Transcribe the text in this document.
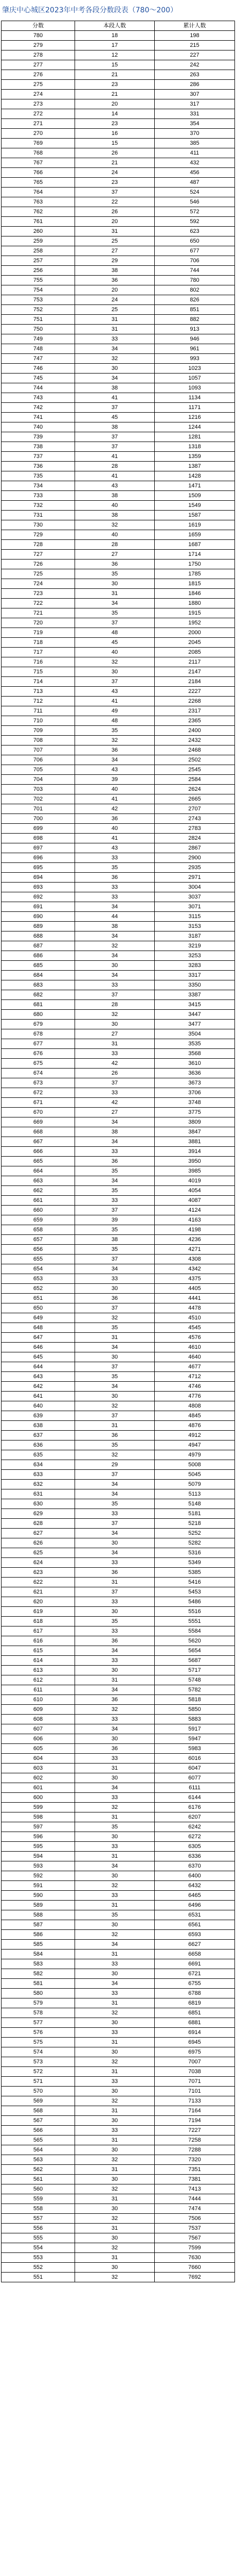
肇庆中心城区2023年中考各段分数段表（780～200）
分数	本段人数	累计人数
780	18	198
279	17	215
278	12	227
277	15	242
276	21	263
275	23	286
274	21	307
273	20	317
272	14	331
271	23	354
270	16	370
769	15	385
768	26	411
767	21	432
766	24	456
765	23	487
764	37	524
763	22	546
762	26	572
761	20	592
260	31	623
259	25	650
258	27	677
257	29	706
256	38	744
755	36	780
754	20	802
753	24	826
752	25	851
751	31	882
750	31	913
749	33	946
748	34	961
747	32	993
746	30	1023
745	34	1057
744	38	1093
743	41	1134
742	37	1171
741	45	1216
740	38	1244
739	37	1281
738	37	1318
737	41	1359
736	28	1387
735	41	1428
734	43	1471
733	38	1509
732	40	1549
731	38	1587
730	32	1619
729	40	1659
728	28	1687
727	27	1714
726	36	1750
725	35	1785
724	30	1815
723	31	1846
722	34	1880
721	35	1915
720	37	1952
719	48	2000
718	45	2045
717	40	2085
716	32	2117
715	30	2147
714	37	2184
713	43	2227
712	41	2268
711	49	2317
710	48	2365
709	35	2400
708	32	2432
707	36	2468
706	34	2502
705	43	2545
704	39	2584
703	40	2624
702	41	2665
701	42	2707
700	36	2743
699	40	2783
698	41	2824
697	43	2867
696	33	2900
695	35	2935
694	36	2971
693	33	3004
692	33	3037
691	34	3071
690	44	3115
689	38	3153
688	34	3187
687	32	3219
686	34	3253
685	30	3283
684	34	3317
683	33	3350
682	37	3387
681	28	3415
680	32	3447
679	30	3477
678	27	3504
677	31	3535
676	33	3568
675	42	3610
674	26	3636
673	37	3673
672	33	3706
671	42	3748
670	27	3775
669	34	3809
668	38	3847
667	34	3881
666	33	3914
665	36	3950
664	35	3985
663	34	4019
662	35	4054
661	33	4087
660	37	4124
659	39	4163
658	35	4198
657	38	4236
656	35	4271
655	37	4308
654	34	4342
653	33	4375
652	30	4405
651	36	4441
650	37	4478
649	32	4510
648	35	4545
647	31	4576
646	34	4610
645	30	4640
644	37	4677
643	35	4712
642	34	4746
641	30	4776
640	32	4808
639	37	4845
638	31	4876
637	36	4912
636	35	4947
635	32	4979
634	29	5008
633	37	5045
632	34	5079
631	34	5113
630	35	5148
629	33	5181
628	37	5218
627	34	5252
626	30	5282
625	34	5316
624	33	5349
623	36	5385
622	31	5416
621	37	5453
620	33	5486
619	30	5516
618	35	5551
617	33	5584
616	36	5620
615	34	5654
614	33	5687
613	30	5717
612	31	5748
611	34	5782
610	36	5818
609	32	5850
608	33	5883
607	34	5917
606	30	5947
605	36	5983
604	33	6016
603	31	6047
602	30	6077
601	34	6111
600	33	6144
599	32	6176
598	31	6207
597	35	6242
596	30	6272
595	33	6305
594	31	6336
593	34	6370
592	30	6400
591	32	6432
590	33	6465
589	31	6496
588	35	6531
587	30	6561
586	32	6593
585	34	6627
584	31	6658
583	33	6691
582	30	6721
581	34	6755
580	33	6788
579	31	6819
578	32	6851
577	30	6881
576	33	6914
575	31	6945
574	30	6975
573	32	7007
572	31	7038
571	33	7071
570	30	7101
569	32	7133
568	31	7164
567	30	7194
566	33	7227
565	31	7258
564	30	7288
563	32	7320
562	31	7351
561	30	7381
560	32	7413
559	31	7444
558	30	7474
557	32	7506
556	31	7537
555	30	7567
554	32	7599
553	31	7630
552	30	7660
551	32	7692
